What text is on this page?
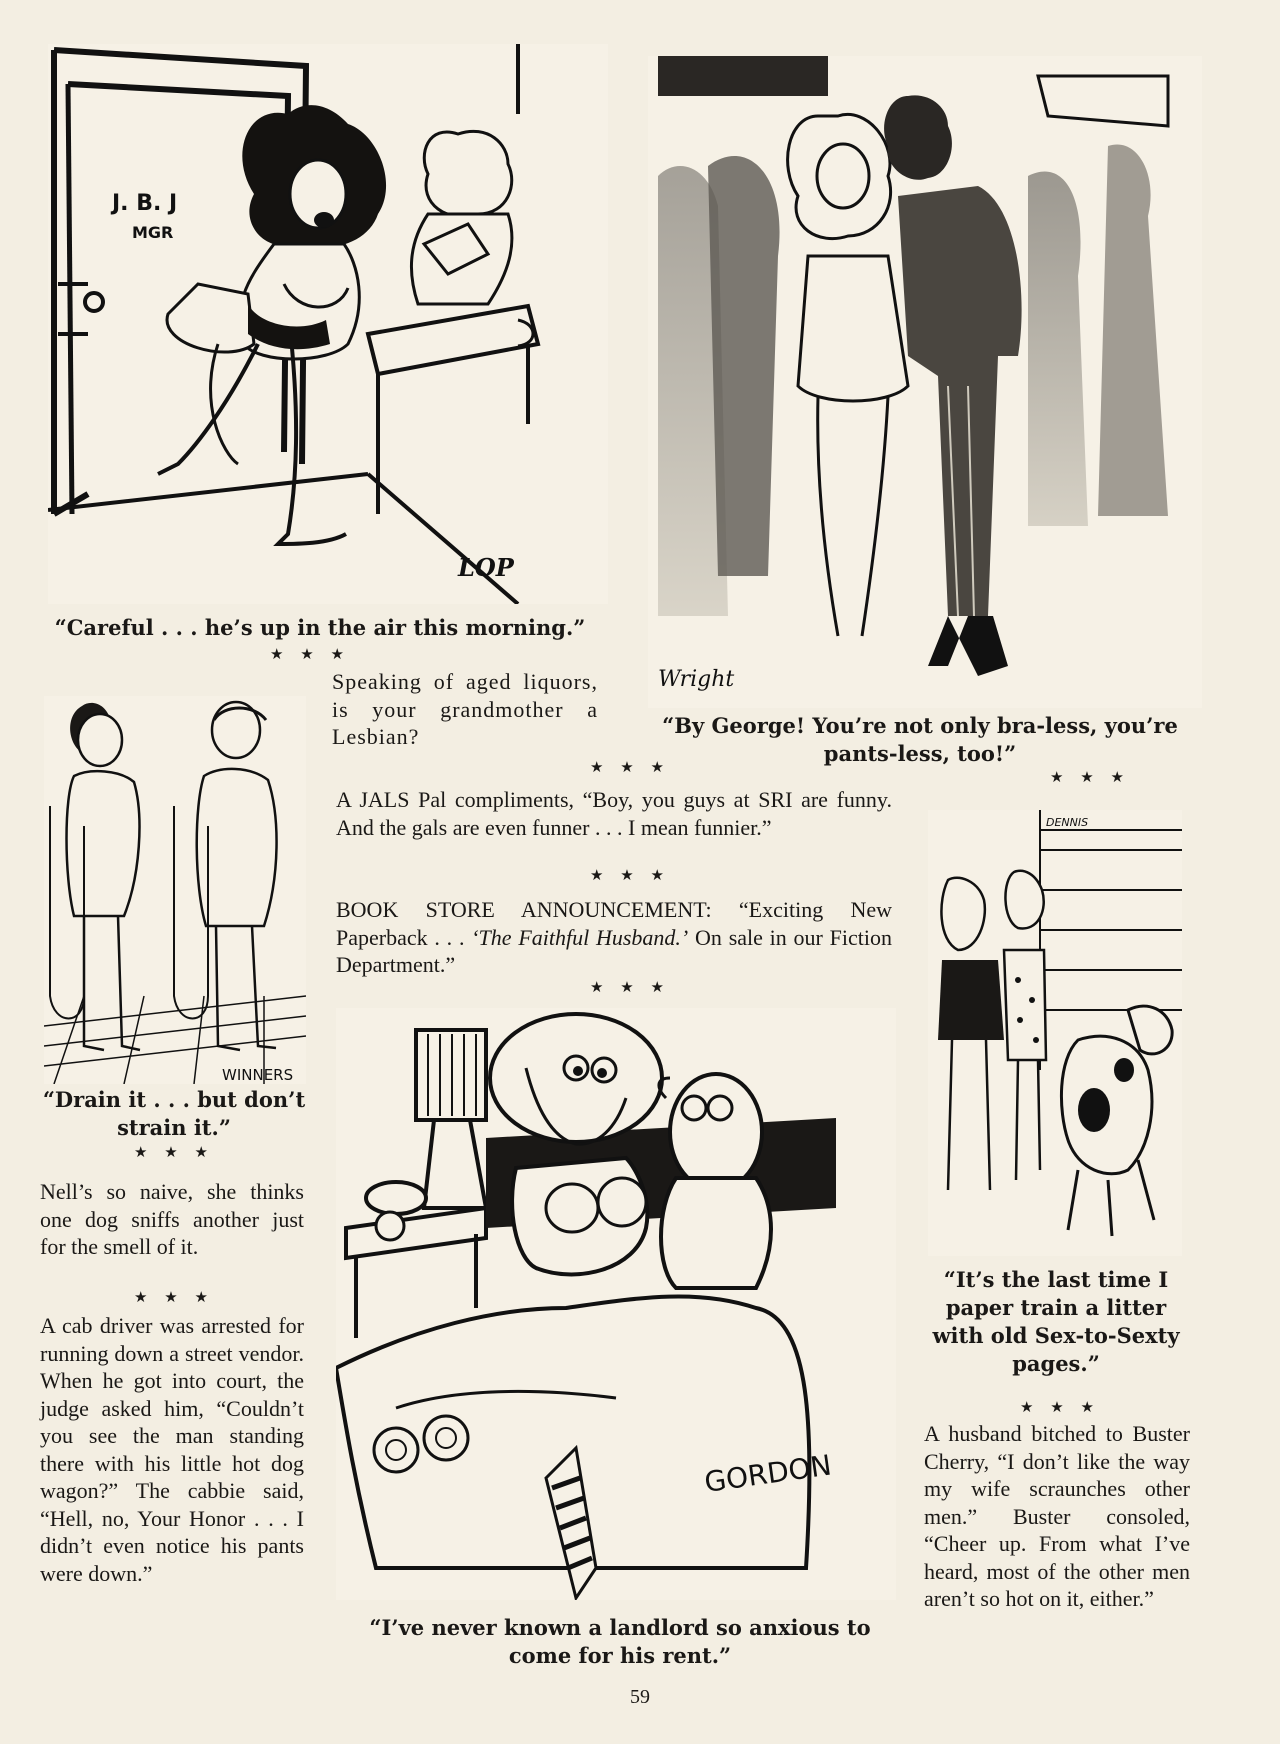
J. B. J
MGR
LOP
“Careful . . . he’s up in the air this morning.”
★ ★ ★
Wright
“By George! You’re not only bra-less, you’re pants-less, too!”
★ ★ ★
Speaking of aged liquors, is your grandmother a Lesbian?
★ ★ ★
WINNERS
“Drain it . . . but don’t strain it.”
★ ★ ★
A JALS Pal compliments, “Boy, you guys at SRI are funny. And the gals are even funner . . . I mean funnier.”
★ ★ ★
BOOK STORE ANNOUNCEMENT: “Exciting New Paperback . . . ‘The Faithful Husband.’ On sale in our Fiction Department.”
★ ★ ★
GORDON
“I’ve never known a landlord so anxious to come for his rent.”
DENNIS
“It’s the last time I paper train a litter with old Sex-to-Sexty pages.”
★ ★ ★
Nell’s so naive, she thinks one dog sniffs another just for the smell of it.
★ ★ ★
A cab driver was arrested for running down a street vendor. When he got into court, the judge asked him, “Couldn’t you see the man standing there with his little hot dog wagon?” The cabbie said, “Hell, no, Your Honor . . . I didn’t even notice his pants were down.”
A husband bitched to Buster Cherry, “I don’t like the way my wife scraunches other men.” Buster consoled, “Cheer up. From what I’ve heard, most of the other men aren’t so hot on it, either.”
59
